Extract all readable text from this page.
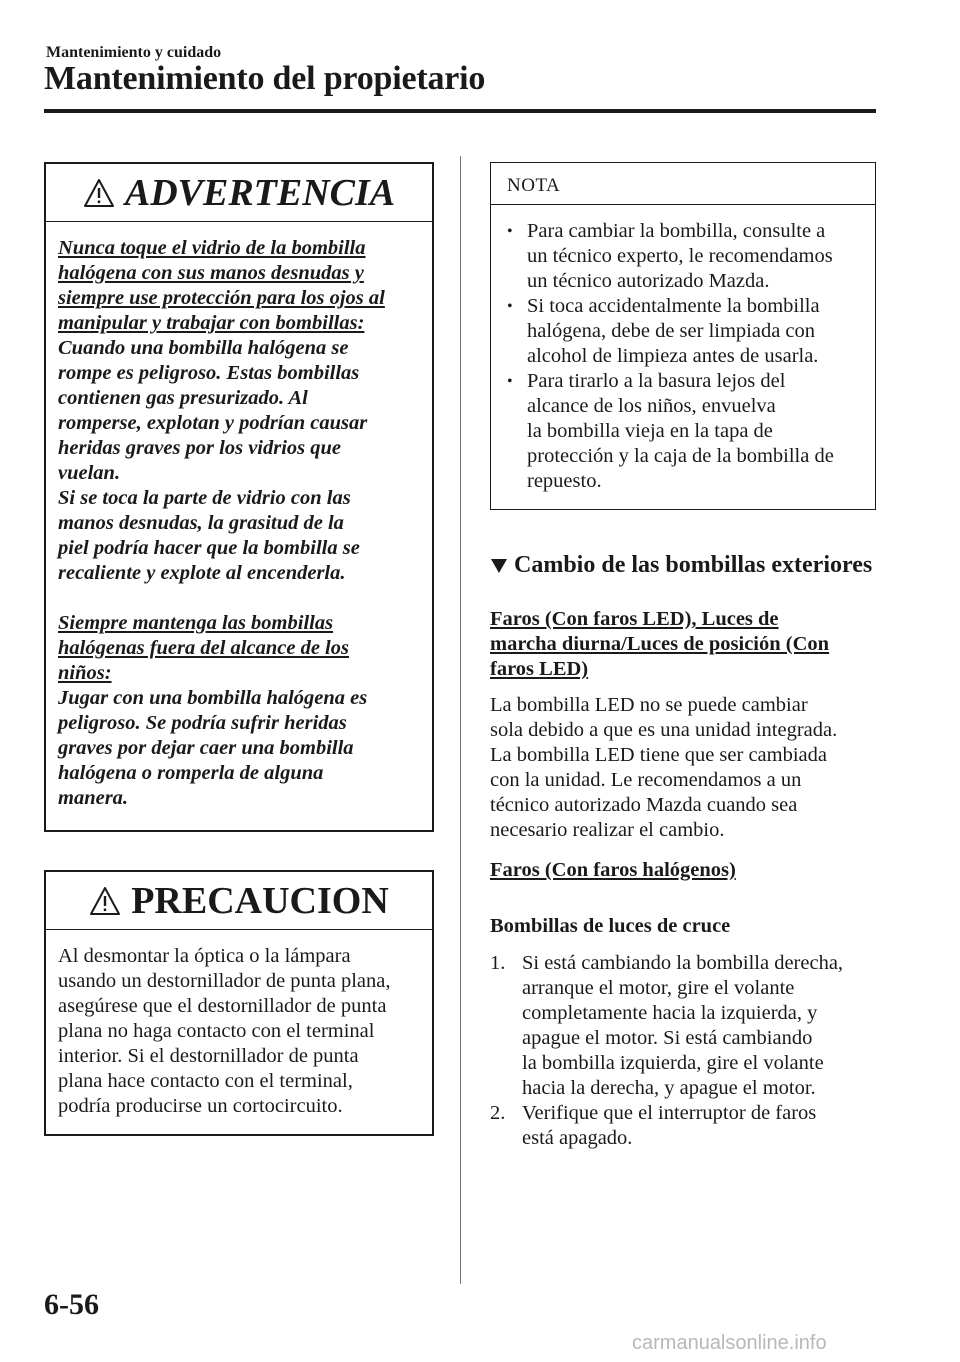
Mantenimiento y cuidado
Mantenimiento del propietario
ADVERTENCIA

Nunca toque el vidrio de la bombilla

halógena con sus manos desnudas y

siempre use protección para los ojos al

manipular y trabajar con bombillas:

Cuando una bombilla halógena se

rompe es peligroso. Estas bombillas

contienen gas presurizado. Al

romperse, explotan y podrían causar

heridas graves por los vidrios que

vuelan.

Si se toca la parte de vidrio con las

manos desnudas, la grasitud de la

piel podría hacer que la bombilla se

recaliente y explote al encenderla.

Siempre mantenga las bombillas

halógenas fuera del alcance de los

niños:

Jugar con una bombilla halógena es

peligroso. Se podría sufrir heridas

graves por dejar caer una bombilla

halógena o romperla de alguna

manera.

PRECAUCION

Al desmontar la óptica o la lámpara

usando un destornillador de punta plana,

asegúrese que el destornillador de punta

plana no haga contacto con el terminal

interior. Si el destornillador de punta

plana hace contacto con el terminal,

podría producirse un cortocircuito.

NOTA
• Para cambiar la bombilla, consulte a
un técnico experto, le recomendamos
un técnico autorizado Mazda.
• Si toca accidentalmente la bombilla
halógena, debe de ser limpiada con
alcohol de limpieza antes de usarla.
• Para tirarlo a la basura lejos del
alcance de los niños, envuelva
la bombilla vieja en la tapa de
protección y la caja de la bombilla de
repuesto.
Cambio de las bombillas exteriores
Faros (Con faros LED), Luces de
marcha diurna/Luces de posición (Con
faros LED)
La bombilla LED no se puede cambiar
sola debido a que es una unidad integrada.
La bombilla LED tiene que ser cambiada
con la unidad. Le recomendamos a un
técnico autorizado Mazda cuando sea
necesario realizar el cambio.
Faros (Con faros halógenos)
Bombillas de luces de cruce
1. Si está cambiando la bombilla derecha,
arranque el motor, gire el volante
completamente hacia la izquierda, y
apague el motor. Si está cambiando
la bombilla izquierda, gire el volante
hacia la derecha, y apague el motor.
2. Verifique que el interruptor de faros
está apagado.
6-56
carmanualsonline.info
